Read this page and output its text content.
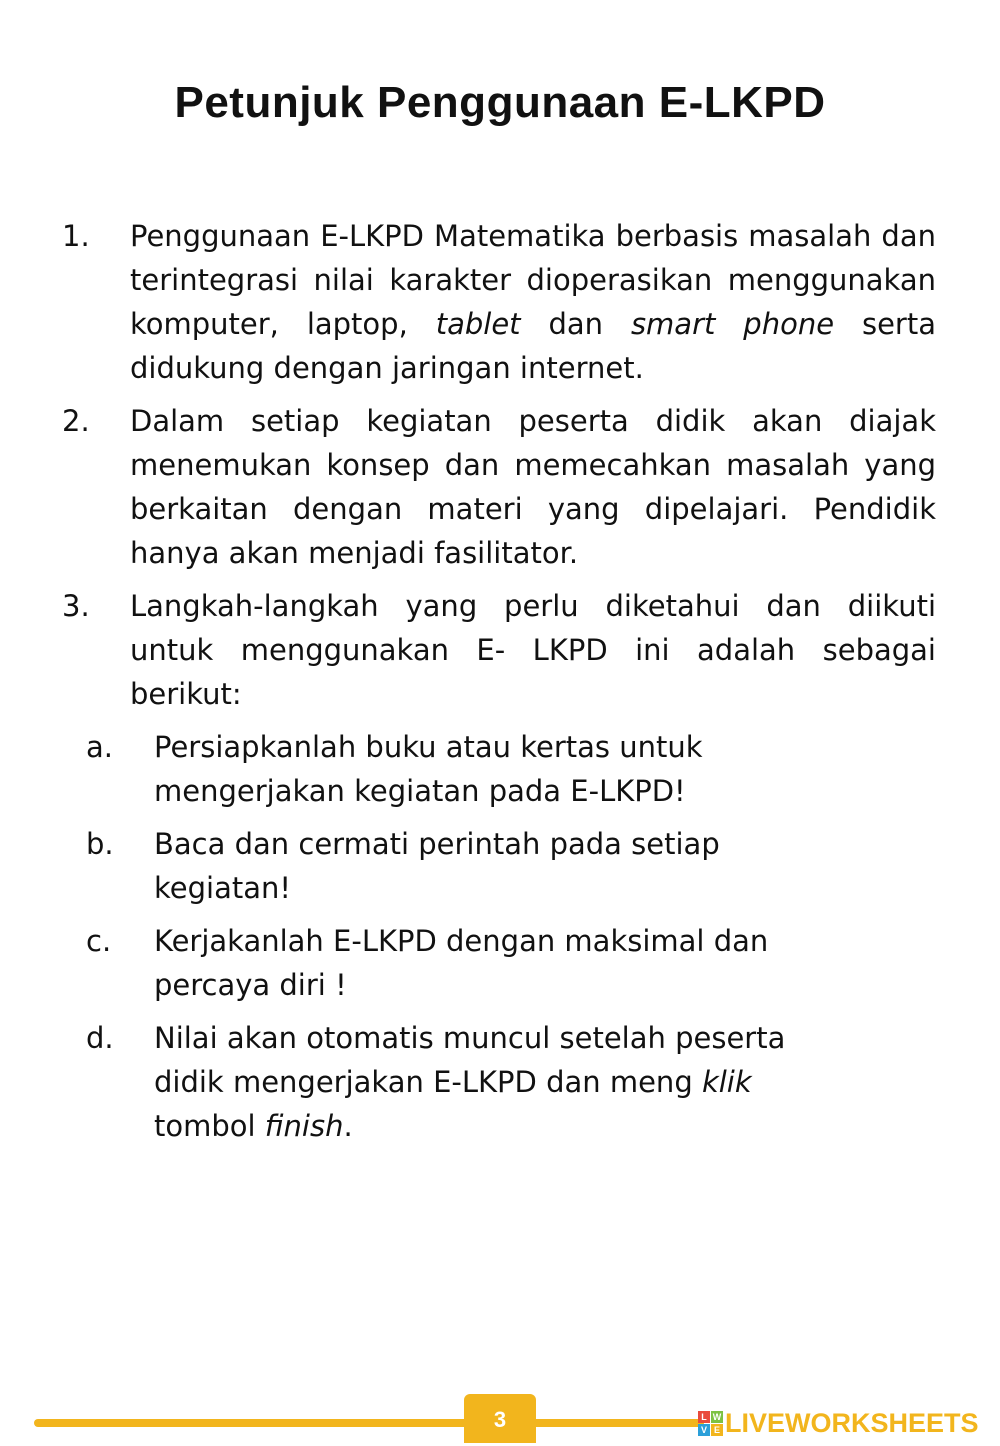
Petunjuk Penggunaan E-LKPD
1.	Penggunaan E-LKPD Matematika berbasis masalah dan terintegrasi nilai karakter dioperasikan menggunakan komputer, laptop, tablet dan smart phone serta didukung dengan jaringan internet.
2.	Dalam setiap kegiatan peserta didik akan diajak menemukan konsep dan memecahkan masalah yang berkaitan dengan materi yang dipelajari. Pendidik hanya akan menjadi fasilitator.
3.	Langkah-langkah yang perlu diketahui dan diikuti untuk menggunakan E- LKPD ini adalah sebagai berikut:
a.	Persiapkanlah buku atau kertas untuk mengerjakan kegiatan pada E-LKPD!
b.	Baca dan cermati perintah pada setiap kegiatan!
c.	Kerjakanlah E-LKPD dengan maksimal dan percaya diri !
d.	Nilai akan otomatis muncul setelah peserta didik mengerjakan E-LKPD dan meng klik tombol finish.
3	L W
V E LIVEWORKSHEETS
